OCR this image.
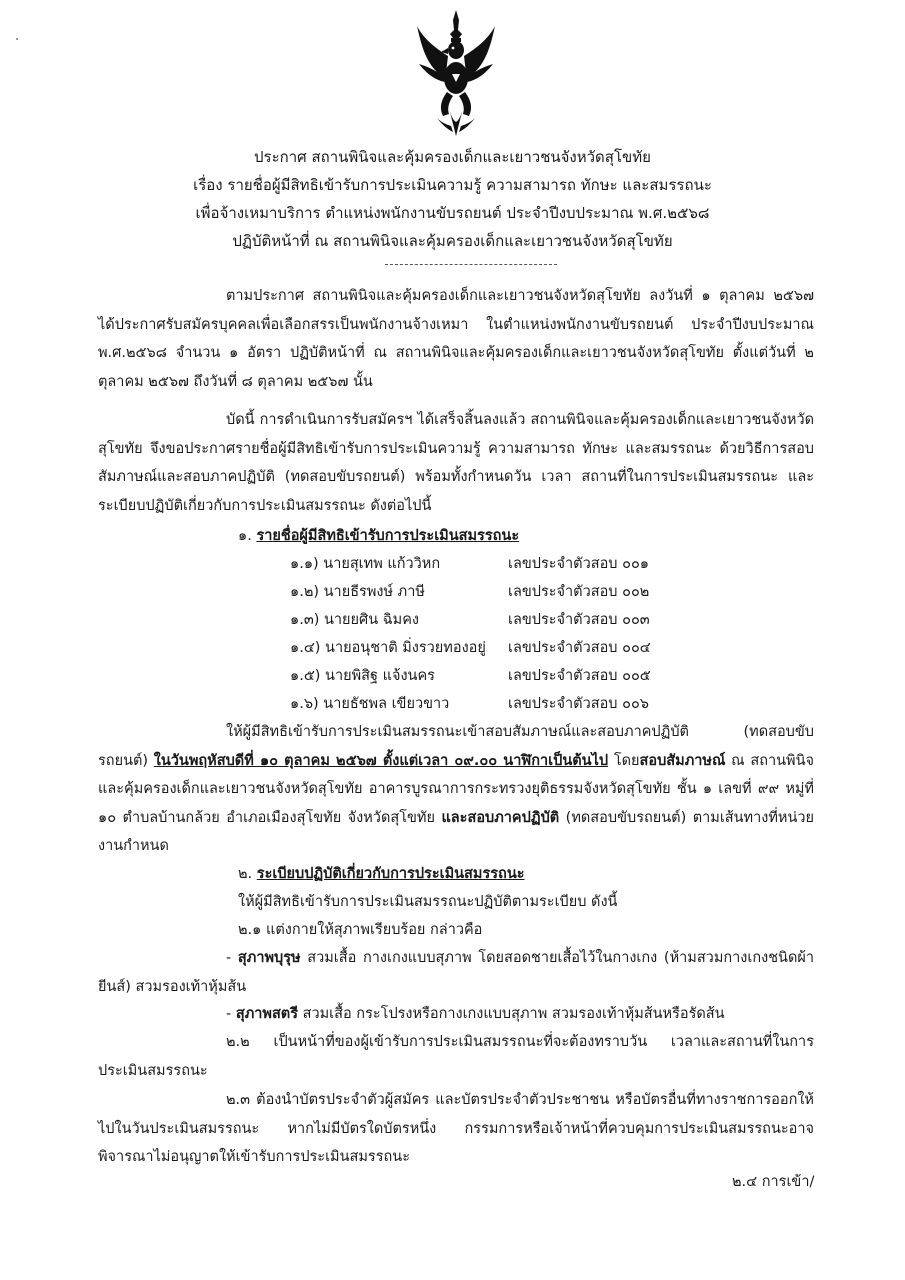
ประกาศ สถานพินิจและคุ้มครองเด็กและเยาวชนจังหวัดสุโขทัย
เรื่อง รายชื่อผู้มีสิทธิเข้ารับการประเมินความรู้ ความสามารถ ทักษะ และสมรรถนะ
เพื่อจ้างเหมาบริการ ตำแหน่งพนักงานขับรถยนต์ ประจำปีงบประมาณ พ.ศ.๒๕๖๘
ปฏิบัติหน้าที่ ณ สถานพินิจและคุ้มครองเด็กและเยาวชนจังหวัดสุโขทัย

ตามประกาศ สถานพินิจและคุ้มครองเด็กและเยาวชนจังหวัดสุโขทัย ลงวันที่ ๑ ตุลาคม ๒๕๖๗ ได้ประกาศรับสมัครบุคคลเพื่อเลือกสรรเป็นพนักงานจ้างเหมา ในตำแหน่งพนักงานขับรถยนต์ ประจำปีงบประมาณ พ.ศ.๒๕๖๘ จำนวน ๑ อัตรา ปฏิบัติหน้าที่ ณ สถานพินิจและคุ้มครองเด็กและเยาวชนจังหวัดสุโขทัย ตั้งแต่วันที่ ๒ ตุลาคม ๒๕๖๗ ถึงวันที่ ๘ ตุลาคม ๒๕๖๗ นั้น

บัดนี้ การดำเนินการรับสมัครฯ ได้เสร็จสิ้นลงแล้ว สถานพินิจและคุ้มครองเด็กและเยาวชนจังหวัดสุโขทัย จึงขอประกาศรายชื่อผู้มีสิทธิเข้ารับการประเมินความรู้ ความสามารถ ทักษะ และสมรรถนะ ด้วยวิธีการสอบสัมภาษณ์และสอบภาคปฏิบัติ (ทดสอบขับรถยนต์) พร้อมทั้งกำหนดวัน เวลา สถานที่ในการประเมินสมรรถนะ และระเบียบปฏิบัติเกี่ยวกับการประเมินสมรรถนะ ดังต่อไปนี้

๑. รายชื่อผู้มีสิทธิเข้ารับการประเมินสมรรถนะ
๑.๑) นายสุเทพ แก้ววิหก	เลขประจำตัวสอบ ๐๐๑
๑.๒) นายธีรพงษ์ ภาษี	เลขประจำตัวสอบ ๐๐๒
๑.๓) นายยศิน ฉิมคง	เลขประจำตัวสอบ ๐๐๓
๑.๔) นายอนุชาติ มิ่งรวยทองอยู่ เลขประจำตัวสอบ ๐๐๔
๑.๕) นายพิสิฐ แจ้งนคร	เลขประจำตัวสอบ ๐๐๕
๑.๖) นายธัชพล เขียวขาว	เลขประจำตัวสอบ ๐๐๖

ให้ผู้มีสิทธิเข้ารับการประเมินสมรรถนะเข้าสอบสัมภาษณ์และสอบภาคปฏิบัติ (ทดสอบขับรถยนต์) ในวันพฤหัสบดีที่ ๑๐ ตุลาคม ๒๕๖๗ ตั้งแต่เวลา ๐๙.๐๐ นาฬิกาเป็นต้นไป โดยสอบสัมภาษณ์ ณ สถานพินิจและคุ้มครองเด็กและเยาวชนจังหวัดสุโขทัย อาคารบูรณาการกระทรวงยุติธรรมจังหวัดสุโขทัย ชั้น ๑ เลขที่ ๙๙ หมู่ที่ ๑๐ ตำบลบ้านกล้วย อำเภอเมืองสุโขทัย จังหวัดสุโขทัย และสอบภาคปฏิบัติ (ทดสอบขับรถยนต์) ตามเส้นทางที่หน่วยงานกำหนด

๒. ระเบียบปฏิบัติเกี่ยวกับการประเมินสมรรถนะ
ให้ผู้มีสิทธิเข้ารับการประเมินสมรรถนะปฏิบัติตามระเบียบ ดังนี้
๒.๑ แต่งกายให้สุภาพเรียบร้อย กล่าวคือ

- สุภาพบุรุษ สวมเสื้อ กางเกงแบบสุภาพ โดยสอดชายเสื้อไว้ในกางเกง (ห้ามสวมกางเกงชนิดผ้ายีนส์) สวมรองเท้าหุ้มส้น

- สุภาพสตรี สวมเสื้อ กระโปรงหรือกางเกงแบบสุภาพ สวมรองเท้าหุ้มส้นหรือรัดส้น

๒.๒ เป็นหน้าที่ของผู้เข้ารับการประเมินสมรรถนะที่จะต้องทราบวัน เวลาและสถานที่ในการประเมินสมรรถนะ

๒.๓ ต้องนำบัตรประจำตัวผู้สมัคร และบัตรประจำตัวประชาชน หรือบัตรอื่นที่ทางราชการออกให้ไปในวันประเมินสมรรถนะ หากไม่มีบัตรใดบัตรหนึ่ง กรรมการหรือเจ้าหน้าที่ควบคุมการประเมินสมรรถนะอาจพิจารณาไม่อนุญาตให้เข้ารับการประเมินสมรรถนะ

๒.๔ การเข้า/
